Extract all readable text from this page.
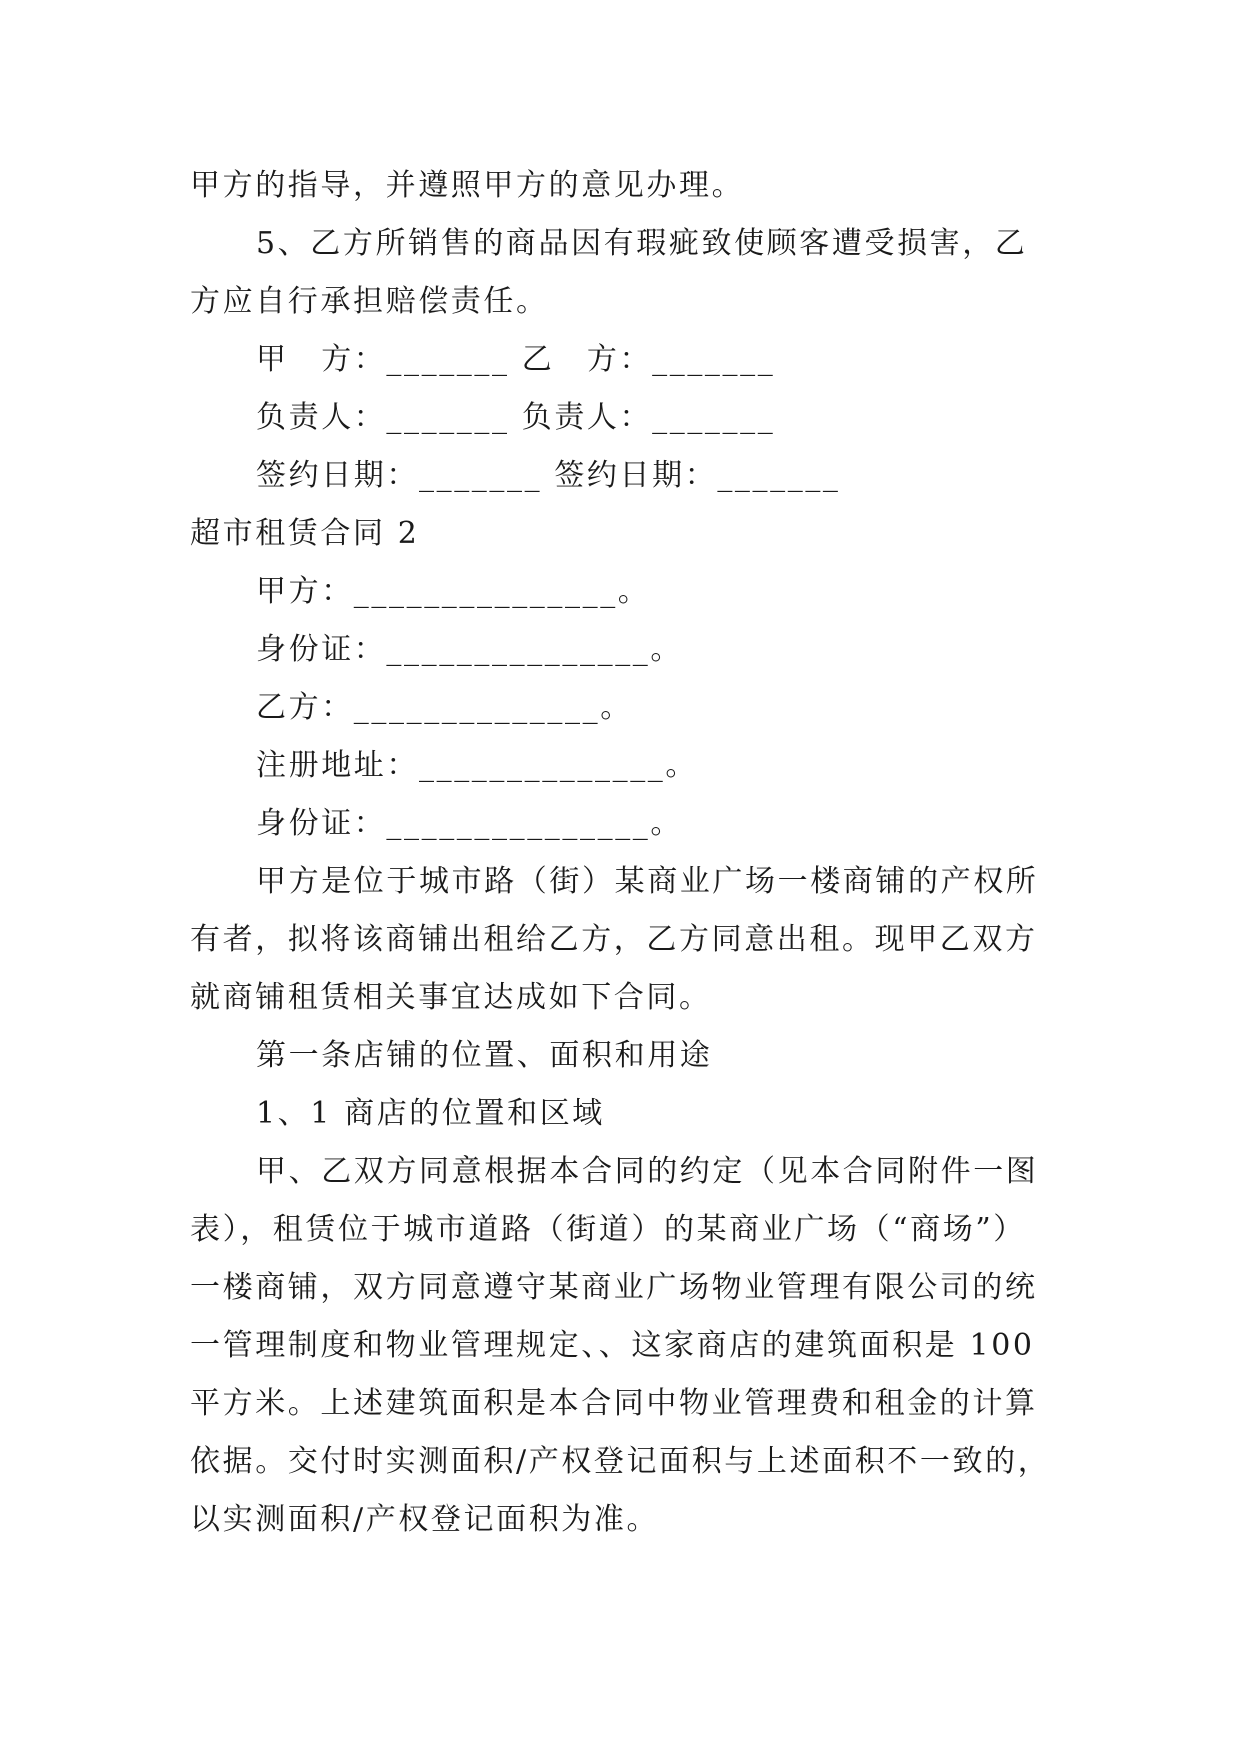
甲方的指导，并遵照甲方的意见办理。
5、乙方所销售的商品因有瑕疵致使顾客遭受损害，乙
方应自行承担赔偿责任。
甲　方：_______ 乙　方：_______
负责人：_______ 负责人：_______
签约日期：_______ 签约日期：_______
超市租赁合同 2
甲方：_______________。
身份证：_______________。
乙方：______________。
注册地址：______________。
身份证：_______________。
甲方是位于城市路（街）某商业广场一楼商铺的产权所
有者，拟将该商铺出租给乙方，乙方同意出租。现甲乙双方
就商铺租赁相关事宜达成如下合同。
第一条店铺的位置、面积和用途
1、1 商店的位置和区域
甲、乙双方同意根据本合同的约定（见本合同附件一图
表），租赁位于城市道路（街道）的某商业广场（“商场”）
一楼商铺，双方同意遵守某商业广场物业管理有限公司的统
一管理制度和物业管理规定、、这家商店的建筑面积是 100
平方米。上述建筑面积是本合同中物业管理费和租金的计算
依据。交付时实测面积/产权登记面积与上述面积不一致的，
以实测面积/产权登记面积为准。
